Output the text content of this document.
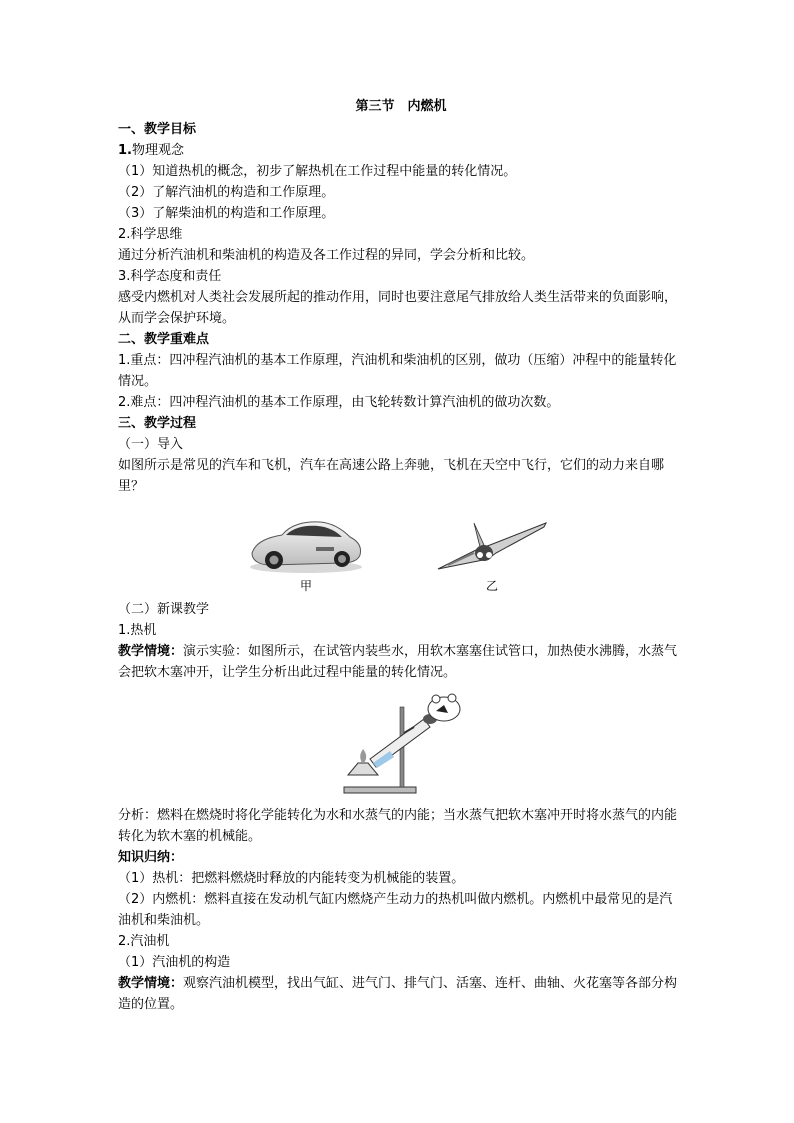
第三节　内燃机
一、教学目标
1.物理观念
（1）知道热机的概念，初步了解热机在工作过程中能量的转化情况。
（2）了解汽油机的构造和工作原理。
（3）了解柴油机的构造和工作原理。
2.科学思维
通过分析汽油机和柴油机的构造及各工作过程的异同，学会分析和比较。
3.科学态度和责任
感受内燃机对人类社会发展所起的推动作用，同时也要注意尾气排放给人类生活带来的负面影响，从而学会保护环境。
二、教学重难点
1.重点：四冲程汽油机的基本工作原理，汽油机和柴油机的区别，做功（压缩）冲程中的能量转化情况。
2.难点：四冲程汽油机的基本工作原理，由飞轮转数计算汽油机的做功次数。
三、教学过程
（一）导入
如图所示是常见的汽车和飞机，汽车在高速公路上奔驰，飞机在天空中飞行，它们的动力来自哪里？
甲	乙
（二）新课教学
1.热机
教学情境：演示实验：如图所示，在试管内装些水，用软木塞塞住试管口，加热使水沸腾，水蒸气会把软木塞冲开，让学生分析出此过程中能量的转化情况。
分析：燃料在燃烧时将化学能转化为水和水蒸气的内能；当水蒸气把软木塞冲开时将水蒸气的内能转化为软木塞的机械能。
知识归纳：
（1）热机：把燃料燃烧时释放的内能转变为机械能的装置。
（2）内燃机：燃料直接在发动机气缸内燃烧产生动力的热机叫做内燃机。内燃机中最常见的是汽油机和柴油机。
2.汽油机
（1）汽油机的构造
教学情境：观察汽油机模型，找出气缸、进气门、排气门、活塞、连杆、曲轴、火花塞等各部分构造的位置。
